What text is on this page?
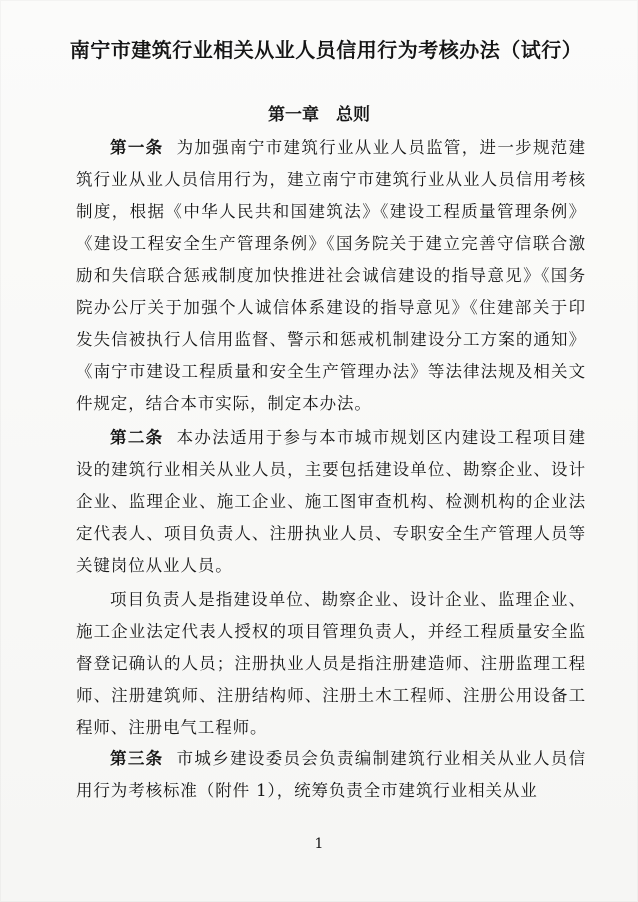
南宁市建筑行业相关从业人员信用行为考核办法（试行）
第一章　总则
第一条 为加强南宁市建筑行业从业人员监管，进一步规范建筑行业从业人员信用行为，建立南宁市建筑行业从业人员信用考核制度，根据《中华人民共和国建筑法》《建设工程质量管理条例》《建设工程安全生产管理条例》《国务院关于建立完善守信联合激励和失信联合惩戒制度加快推进社会诚信建设的指导意见》《国务院办公厅关于加强个人诚信体系建设的指导意见》《住建部关于印发失信被执行人信用监督、警示和惩戒机制建设分工方案的通知》《南宁市建设工程质量和安全生产管理办法》等法律法规及相关文件规定，结合本市实际，制定本办法。
第二条 本办法适用于参与本市城市规划区内建设工程项目建设的建筑行业相关从业人员，主要包括建设单位、勘察企业、设计企业、监理企业、施工企业、施工图审查机构、检测机构的企业法定代表人、项目负责人、注册执业人员、专职安全生产管理人员等关键岗位从业人员。
项目负责人是指建设单位、勘察企业、设计企业、监理企业、施工企业法定代表人授权的项目管理负责人，并经工程质量安全监督登记确认的人员；注册执业人员是指注册建造师、注册监理工程师、注册建筑师、注册结构师、注册土木工程师、注册公用设备工程师、注册电气工程师。
第三条 市城乡建设委员会负责编制建筑行业相关从业人员信用行为考核标准（附件 1），统筹负责全市建筑行业相关从业
1
